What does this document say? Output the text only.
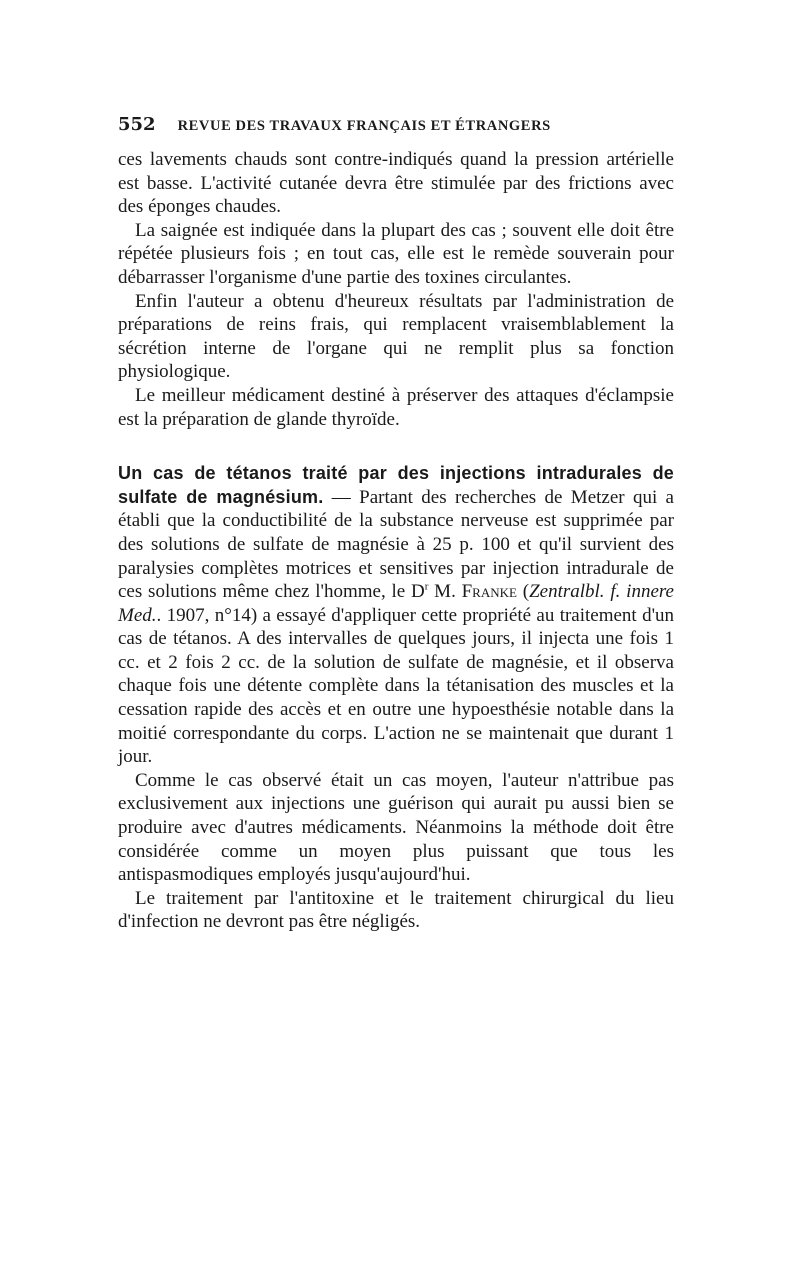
552 REVUE DES TRAVAUX FRANÇAIS ET ÉTRANGERS

ces lavements chauds sont contre-indiqués quand la pression artérielle est basse. L'activité cutanée devra être stimulée par des frictions avec des éponges chaudes.

La saignée est indiquée dans la plupart des cas ; souvent elle doit être répétée plusieurs fois ; en tout cas, elle est le remède souverain pour débarrasser l'organisme d'une partie des toxines circulantes.

Enfin l'auteur a obtenu d'heureux résultats par l'administration de préparations de reins frais, qui remplacent vraisemblablement la sécrétion interne de l'organe qui ne remplit plus sa fonction physiologique.

Le meilleur médicament destiné à préserver des attaques d'éclampsie est la préparation de glande thyroïde.

Un cas de tétanos traité par des injections intradurales de sulfate de magnésium. — Partant des recherches de Metzer qui a établi que la conductibilité de la substance nerveuse est supprimée par des solutions de sulfate de magnésie à 25 p. 100 et qu'il survient des paralysies complètes motrices et sensitives par injection intradurale de ces solutions même chez l'homme, le $D^r$ M. Franke (Zentralbl. f. innere Med.. 1907, n°14) a essayé d'appliquer cette propriété au traitement d'un cas de tétanos. A des intervalles de quelques jours, il injecta une fois 1 cc. et 2 fois 2 cc. de la solution de sulfate de magnésie, et il observa chaque fois une détente complète dans la tétanisation des muscles et la cessation rapide des accès et en outre une hypoesthésie notable dans la moitié correspondante du corps. L'action ne se maintenait que durant 1 jour.

Comme le cas observé était un cas moyen, l'auteur n'attribue pas exclusivement aux injections une guérison qui aurait pu aussi bien se produire avec d'autres médicaments. Néanmoins la méthode doit être considérée comme un moyen plus puissant que tous les antispasmodiques employés jusqu'aujourd'hui.

Le traitement par l'antitoxine et le traitement chirurgical du lieu d'infection ne devront pas être négligés.
